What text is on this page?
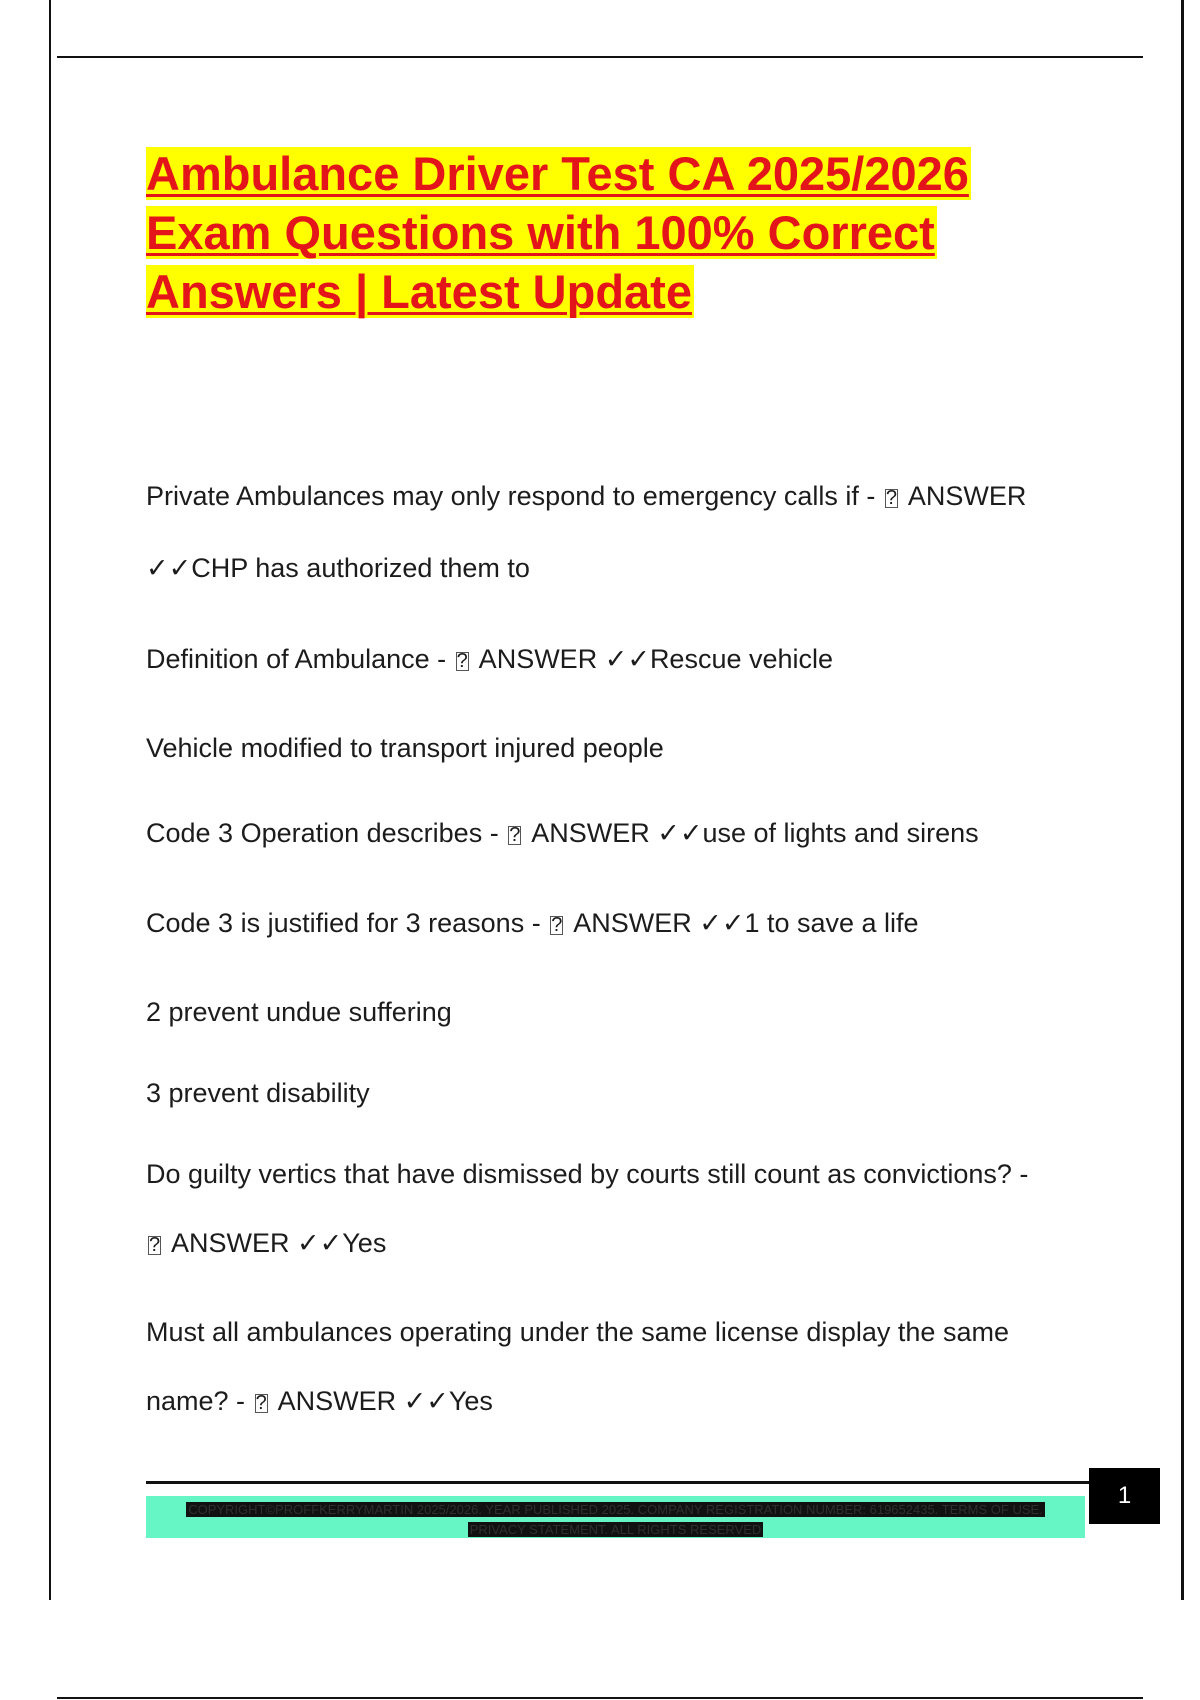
Ambulance Driver Test CA 2025/2026
Exam Questions with 100% Correct
Answers | Latest Update

Private Ambulances may only respond to emergency calls if - ? ANSWER

✓✓CHP has authorized them to

Definition of Ambulance - ? ANSWER ✓✓Rescue vehicle

Vehicle modified to transport injured people

Code 3 Operation describes - ? ANSWER ✓✓use of lights and sirens

Code 3 is justified for 3 reasons - ? ANSWER ✓✓1 to save a life

2 prevent undue suffering

3 prevent disability

Do guilty vertics that have dismissed by courts still count as convictions? -

? ANSWER ✓✓Yes

Must all ambulances operating under the same license display the same

name? - ? ANSWER ✓✓Yes

COPYRIGHT©PROFFKERRYMARTIN 2025/2026. YEAR PUBLISHED 2025. COMPANY REGISTRATION NUMBER: 619652435. TERMS OF USE.
PRIVACY STATEMENT. ALL RIGHTS RESERVED
1
